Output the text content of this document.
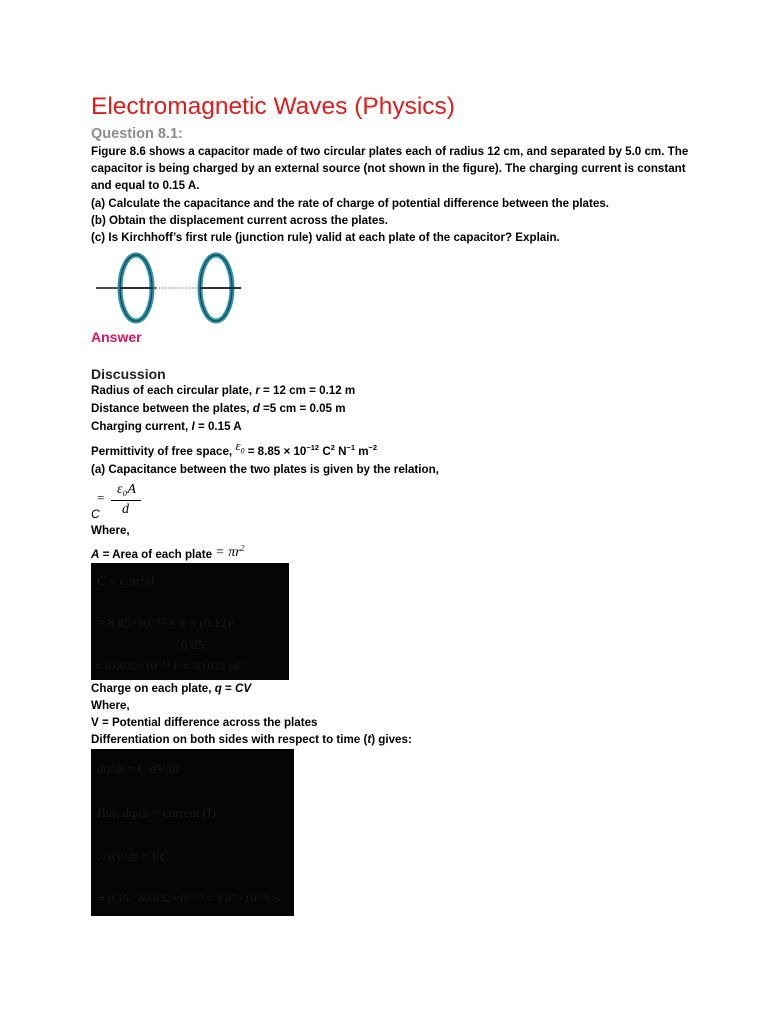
Electromagnetic Waves (Physics)
Question 8.1:
Figure 8.6 shows a capacitor made of two circular plates each of radius 12 cm, and separated by 5.0 cm. The capacitor is being charged by an external source (not shown in the figure). The charging current is constant and equal to 0.15 A.
(a) Calculate the capacitance and the rate of charge of potential difference between the plates.
(b) Obtain the displacement current across the plates.
(c) Is Kirchhoff’s first rule (junction rule) valid at each plate of the capacitor? Explain.
Answer
Discussion
Radius of each circular plate, r = 12 cm = 0.12 m
Distance between the plates, d =5 cm = 0.05 m
Charging current, I = 0.15 A
Permittivity of free space, $\varepsilon_0 = 8.85 \times 10^{-12}$ $C^2$ $N^{-1}$ $m^{-2}$
(a) Capacitance between the two plates is given by the relation,
C
=
ε₀A
d
Where,
A = Area of each plate = $\pi r^2$
C = ε₀πr²/d
= 8.85×10⁻¹² × π × (0.12)²
0.05
= 8.0032×10⁻¹¹ F = 80.032 pF
Charge on each plate, q = CV
Where,
V = Potential difference across the plates
Differentiation on both sides with respect to time (t) gives:
dq/dt = C dV/dt
But, dq/dt = current (I)
∴ dV/dt = I/C
⇒ 0.15 / 80.032×10⁻¹² = 1.87×10⁹ V/s
